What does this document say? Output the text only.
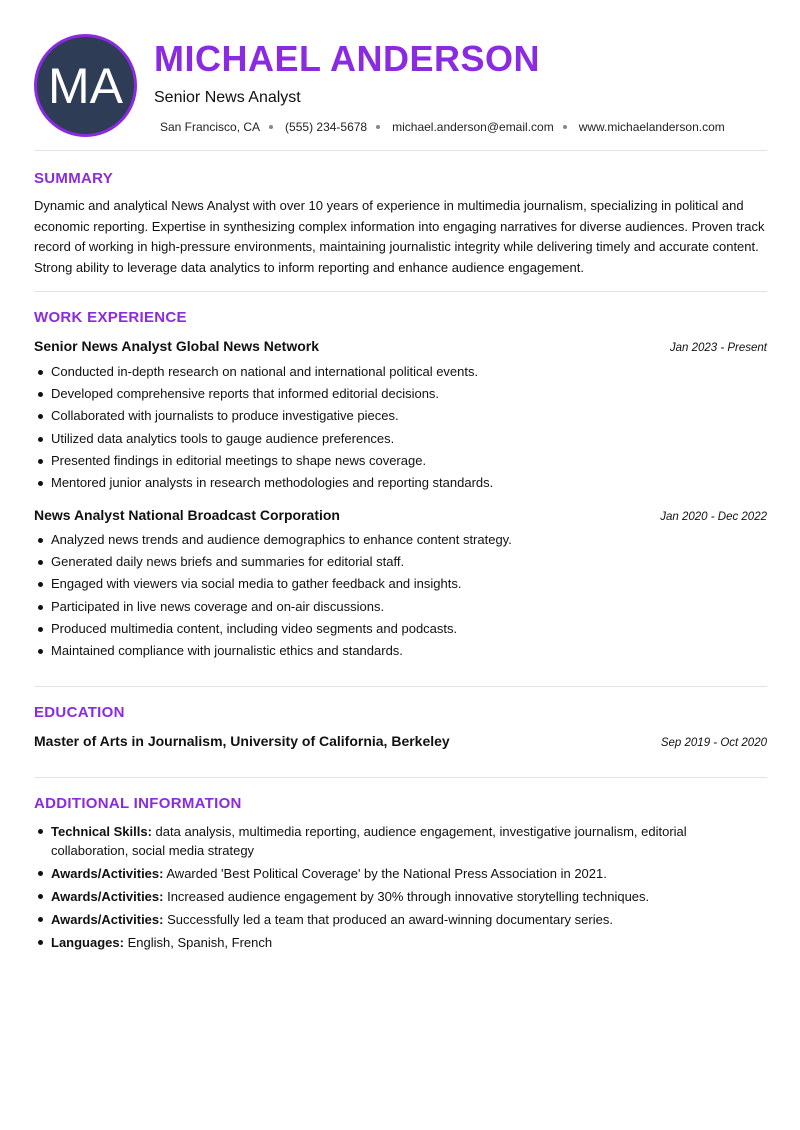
MA MICHAEL ANDERSON
Senior News Analyst
San Francisco, CA (555) 234-5678 michael.anderson@email.com www.michaelanderson.com
SUMMARY
Dynamic and analytical News Analyst with over 10 years of experience in multimedia journalism, specializing in political and economic reporting. Expertise in synthesizing complex information into engaging narratives for diverse audiences. Proven track record of working in high-pressure environments, maintaining journalistic integrity while delivering timely and accurate content. Strong ability to leverage data analytics to inform reporting and enhance audience engagement.
WORK EXPERIENCE
Senior News Analyst Global News Network	Jan 2023 - Present
Conducted in-depth research on national and international political events.
Developed comprehensive reports that informed editorial decisions.
Collaborated with journalists to produce investigative pieces.
Utilized data analytics tools to gauge audience preferences.
Presented findings in editorial meetings to shape news coverage.
Mentored junior analysts in research methodologies and reporting standards.
News Analyst National Broadcast Corporation	Jan 2020 - Dec 2022
Analyzed news trends and audience demographics to enhance content strategy.
Generated daily news briefs and summaries for editorial staff.
Engaged with viewers via social media to gather feedback and insights.
Participated in live news coverage and on-air discussions.
Produced multimedia content, including video segments and podcasts.
Maintained compliance with journalistic ethics and standards.
EDUCATION
Master of Arts in Journalism, University of California, Berkeley	Sep 2019 - Oct 2020
ADDITIONAL INFORMATION
Technical Skills: data analysis, multimedia reporting, audience engagement, investigative journalism, editorial collaboration, social media strategy
Awards/Activities: Awarded 'Best Political Coverage' by the National Press Association in 2021.
Awards/Activities: Increased audience engagement by 30% through innovative storytelling techniques.
Awards/Activities: Successfully led a team that produced an award-winning documentary series.
Languages: English, Spanish, French
